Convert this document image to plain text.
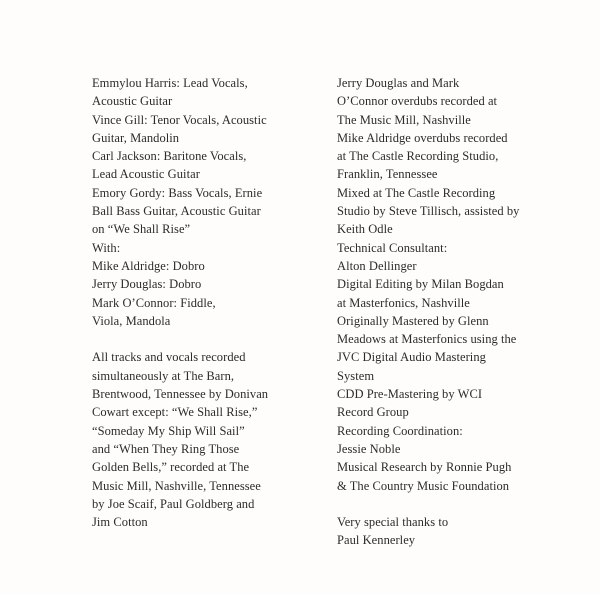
Emmylou Harris: Lead Vocals,
Acoustic Guitar
Vince Gill: Tenor Vocals, Acoustic
Guitar, Mandolin
Carl Jackson: Baritone Vocals,
Lead Acoustic Guitar
Emory Gordy: Bass Vocals, Ernie
Ball Bass Guitar, Acoustic Guitar
on “We Shall Rise”
With:
Mike Aldridge: Dobro
Jerry Douglas: Dobro
Mark O’Connor: Fiddle,
Viola, Mandola
All tracks and vocals recorded
simultaneously at The Barn,
Brentwood, Tennessee by Donivan
Cowart except: “We Shall Rise,”
“Someday My Ship Will Sail”
and “When They Ring Those
Golden Bells,” recorded at The
Music Mill, Nashville, Tennessee
by Joe Scaif, Paul Goldberg and
Jim Cotton
Jerry Douglas and Mark
O’Connor overdubs recorded at
The Music Mill, Nashville
Mike Aldridge overdubs recorded
at The Castle Recording Studio,
Franklin, Tennessee
Mixed at The Castle Recording
Studio by Steve Tillisch, assisted by
Keith Odle
Technical Consultant:
Alton Dellinger
Digital Editing by Milan Bogdan
at Masterfonics, Nashville
Originally Mastered by Glenn
Meadows at Masterfonics using the
JVC Digital Audio Mastering
System
CDD Pre-Mastering by WCI
Record Group
Recording Coordination:
Jessie Noble
Musical Research by Ronnie Pugh
& The Country Music Foundation
Very special thanks to
Paul Kennerley
